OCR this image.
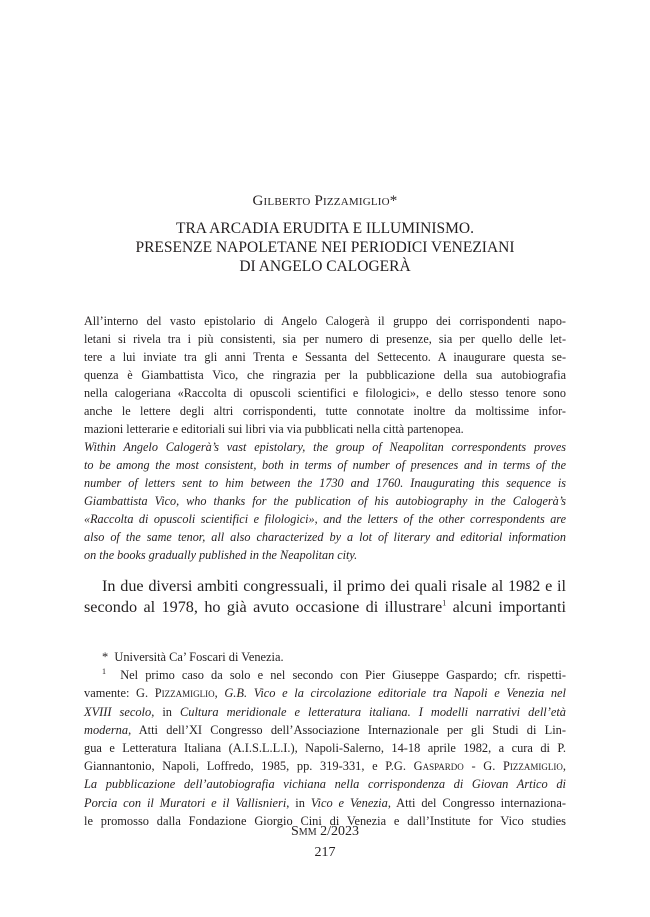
Gilberto Pizzamiglio*
TRA ARCADIA ERUDITA E ILLUMINISMO.
PRESENZE NAPOLETANE NEI PERIODICI VENEZIANI
DI ANGELO CALOGERÀ
All’interno del vasto epistolario di Angelo Calogerà il gruppo dei corrispondenti napo-
letani si rivela tra i più consistenti, sia per numero di presenze, sia per quello delle let-
tere a lui inviate tra gli anni Trenta e Sessanta del Settecento. A inaugurare questa se-
quenza è Giambattista Vico, che ringrazia per la pubblicazione della sua autobiografia
nella calogeriana «Raccolta di opuscoli scientifici e filologici», e dello stesso tenore sono
anche le lettere degli altri corrispondenti, tutte connotate inoltre da moltissime infor-
mazioni letterarie e editoriali sui libri via via pubblicati nella città partenopea.
Within Angelo Calogerà’s vast epistolary, the group of Neapolitan correspondents proves
to be among the most consistent, both in terms of number of presences and in terms of the
number of letters sent to him between the 1730 and 1760. Inaugurating this sequence is
Giambattista Vico, who thanks for the publication of his autobiography in the Calogerà’s
«Raccolta di opuscoli scientifici e filologici», and the letters of the other correspondents are
also of the same tenor, all also characterized by a lot of literary and editorial information
on the books gradually published in the Neapolitan city.
In due diversi ambiti congressuali, il primo dei quali risale al 1982 e il
secondo al 1978, ho già avuto occasione di illustrare$^1$ alcuni importanti
* Università Ca’ Foscari di Venezia.
$^1$ Nel primo caso da solo e nel secondo con Pier Giuseppe Gaspardo; cfr. rispetti-
vamente: G. Pizzamiglio, G.B. Vico e la circolazione editoriale tra Napoli e Venezia nel
XVIII secolo, in Cultura meridionale e letteratura italiana. I modelli narrativi dell’età
moderna, Atti dell’XI Congresso dell’Associazione Internazionale per gli Studi di Lin-
gua e Letteratura Italiana (A.I.S.L.L.I.), Napoli-Salerno, 14-18 aprile 1982, a cura di P.
Giannantonio, Napoli, Loffredo, 1985, pp. 319-331, e P.G. Gaspardo - G. Pizzamiglio,
La pubblicazione dell’autobiografia vichiana nella corrispondenza di Giovan Artico di
Porcia con il Muratori e il Vallisnieri, in Vico e Venezia, Atti del Congresso internaziona-
le promosso dalla Fondazione Giorgio Cini di Venezia e dall’Institute for Vico studies
Smm 2/2023
217
